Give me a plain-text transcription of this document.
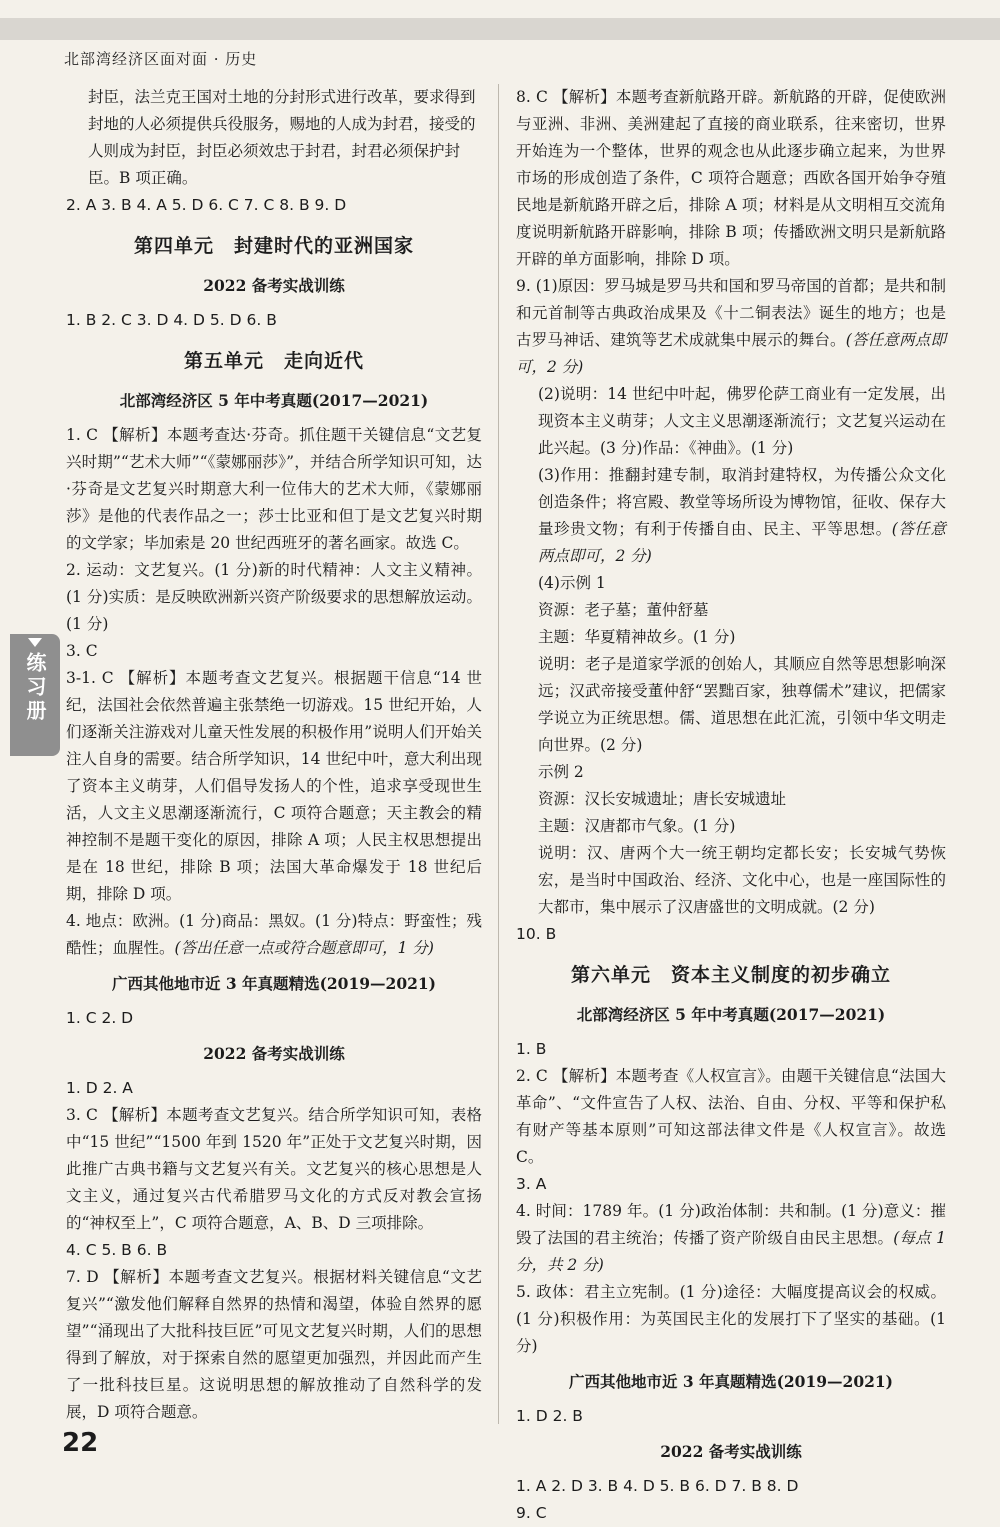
北部湾经济区面对面 · 历史
练习册

封臣，法兰克王国对土地的分封形式进行改革，要求得到

封地的人必须提供兵役服务，赐地的人成为封君，接受的

人则成为封臣，封臣必须效忠于封君，封君必须保护封

臣。B 项正确。

2. A 3. B 4. A 5. D 6. C 7. C 8. B 9. D

第四单元　封建时代的亚洲国家
2022 备考实战训练

1. B 2. C 3. D 4. D 5. D 6. B

第五单元　走向近代
北部湾经济区 5 年中考真题(2017—2021)

1. C 【解析】本题考查达·芬奇。抓住题干关键信息“文艺复兴时期”“艺术大师”“《蒙娜丽莎》”，并结合所学知识可知，达·芬奇是文艺复兴时期意大利一位伟大的艺术大师，《蒙娜丽莎》是他的代表作品之一；莎士比亚和但丁是文艺复兴时期的文学家；毕加索是 20 世纪西班牙的著名画家。故选 C。

2. 运动：文艺复兴。(1 分)新的时代精神：人文主义精神。(1 分)实质：是反映欧洲新兴资产阶级要求的思想解放运动。(1 分)

3. C

3-1. C 【解析】本题考查文艺复兴。根据题干信息“14 世纪，法国社会依然普遍主张禁绝一切游戏。15 世纪开始，人们逐渐关注游戏对儿童天性发展的积极作用”说明人们开始关注人自身的需要。结合所学知识，14 世纪中叶，意大利出现了资本主义萌芽，人们倡导发扬人的个性，追求享受现世生活，人文主义思潮逐渐流行，C 项符合题意；天主教会的精神控制不是题干变化的原因，排除 A 项；人民主权思想提出是在 18 世纪，排除 B 项；法国大革命爆发于 18 世纪后期，排除 D 项。

4. 地点：欧洲。(1 分)商品：黑奴。(1 分)特点：野蛮性；残酷性；血腥性。(答出任意一点或符合题意即可，1 分)

广西其他地市近 3 年真题精选(2019—2021)

1. C 2. D

2022 备考实战训练

1. D 2. A

3. C 【解析】本题考查文艺复兴。结合所学知识可知，表格中“15 世纪”“1500 年到 1520 年”正处于文艺复兴时期，因此推广古典书籍与文艺复兴有关。文艺复兴的核心思想是人文主义，通过复兴古代希腊罗马文化的方式反对教会宣扬的“神权至上”，C 项符合题意，A、B、D 三项排除。

4. C 5. B 6. B

7. D 【解析】本题考查文艺复兴。根据材料关键信息“文艺复兴”“激发他们解释自然界的热情和渴望，体验自然界的愿望”“涌现出了大批科技巨匠”可见文艺复兴时期，人们的思想得到了解放，对于探索自然的愿望更加强烈，并因此而产生了一批科技巨星。这说明思想的解放推动了自然科学的发展，D 项符合题意。

8. C 【解析】本题考查新航路开辟。新航路的开辟，促使欧洲与亚洲、非洲、美洲建起了直接的商业联系，往来密切，世界开始连为一个整体，世界的观念也从此逐步确立起来，为世界市场的形成创造了条件，C 项符合题意；西欧各国开始争夺殖民地是新航路开辟之后，排除 A 项；材料是从文明相互交流角度说明新航路开辟影响，排除 B 项；传播欧洲文明只是新航路开辟的单方面影响，排除 D 项。

9. (1)原因：罗马城是罗马共和国和罗马帝国的首都；是共和制和元首制等古典政治成果及《十二铜表法》诞生的地方；也是古罗马神话、建筑等艺术成就集中展示的舞台。(答任意两点即可，2 分)

(2)说明：14 世纪中叶起，佛罗伦萨工商业有一定发展，出现资本主义萌芽；人文主义思潮逐渐流行；文艺复兴运动在此兴起。(3 分)作品：《神曲》。(1 分)

(3)作用：推翻封建专制，取消封建特权，为传播公众文化创造条件；将宫殿、教堂等场所设为博物馆，征收、保存大量珍贵文物；有利于传播自由、民主、平等思想。(答任意两点即可，2 分)

(4)示例 1

资源：老子墓；董仲舒墓

主题：华夏精神故乡。(1 分)

说明：老子是道家学派的创始人，其顺应自然等思想影响深远；汉武帝接受董仲舒“罢黜百家，独尊儒术”建议，把儒家学说立为正统思想。儒、道思想在此汇流，引领中华文明走向世界。(2 分)

示例 2

资源：汉长安城遗址；唐长安城遗址

主题：汉唐都市气象。(1 分)

说明：汉、唐两个大一统王朝均定都长安；长安城气势恢宏，是当时中国政治、经济、文化中心，也是一座国际性的大都市，集中展示了汉唐盛世的文明成就。(2 分)

10. B

第六单元　资本主义制度的初步确立
北部湾经济区 5 年中考真题(2017—2021)

1. B

2. C 【解析】本题考查《人权宣言》。由题干关键信息“法国大革命”、“文件宣告了人权、法治、自由、分权、平等和保护私有财产等基本原则”可知这部法律文件是《人权宣言》。故选 C。

3. A

4. 时间：1789 年。(1 分)政治体制：共和制。(1 分)意义：摧毁了法国的君主统治；传播了资产阶级自由民主思想。(每点 1 分，共 2 分)

5. 政体：君主立宪制。(1 分)途径：大幅度提高议会的权威。(1 分)积极作用：为英国民主化的发展打下了坚实的基础。(1 分)

广西其他地市近 3 年真题精选(2019—2021)

1. D 2. B

2022 备考实战训练

1. A 2. D 3. B 4. D 5. B 6. D 7. B 8. D

9. C

22
